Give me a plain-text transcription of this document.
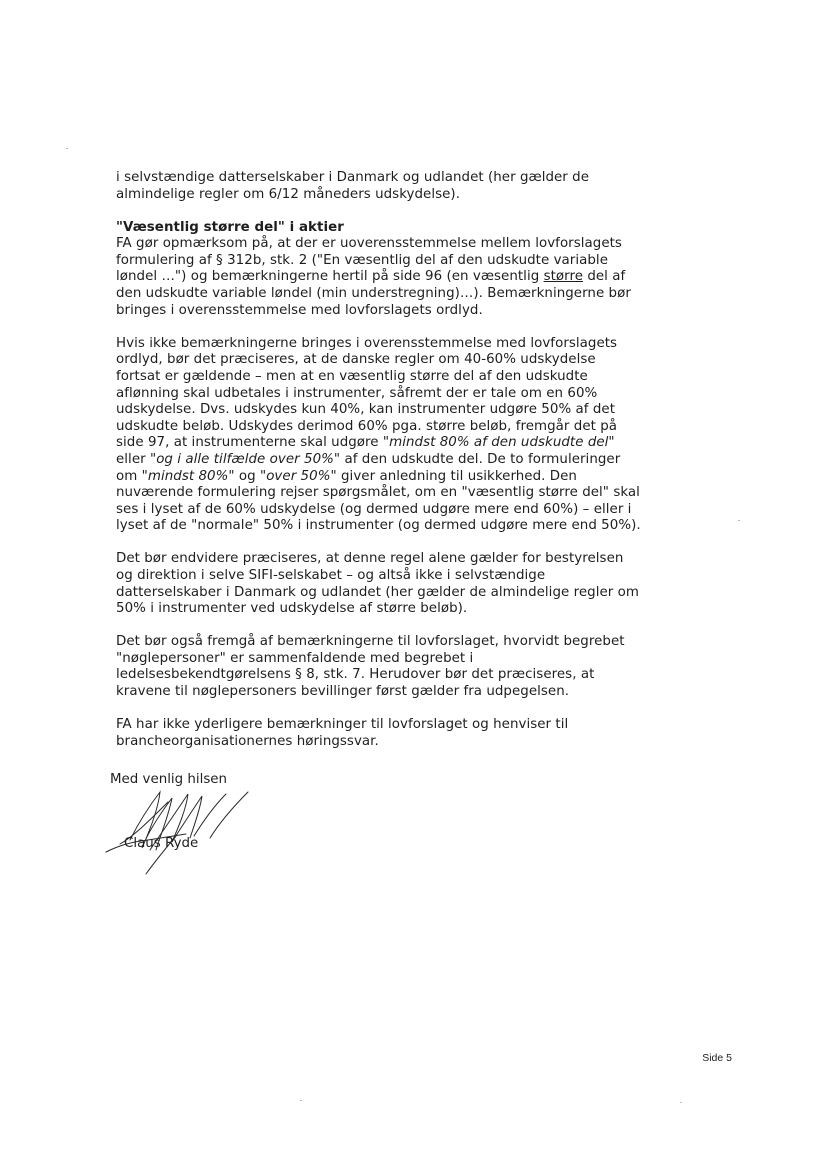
i selvstændige datterselskaber i Danmark og udlandet (her gælder de almindelige regler om 6/12 måneders udskydelse).

"Væsentlig større del" i aktier
FA gør opmærksom på, at der er uoverensstemmelse mellem lovforslagets formulering af § 312b, stk. 2 ("En væsentlig del af den udskudte variable løndel …") og bemærkningerne hertil på side 96 (en væsentlig større del af den udskudte variable løndel (min understregning)…). Bemærkningerne bør bringes i overensstemmelse med lovforslagets ordlyd.

Hvis ikke bemærkningerne bringes i overensstemmelse med lovforslagets ordlyd, bør det præciseres, at de danske regler om 40-60% udskydelse fortsat er gældende – men at en væsentlig større del af den udskudte aflønning skal udbetales i instrumenter, såfremt der er tale om en 60% udskydelse. Dvs. udskydes kun 40%, kan instrumenter udgøre 50% af det udskudte beløb. Udskydes derimod 60% pga. større beløb, fremgår det på side 97, at instrumenterne skal udgøre "mindst 80% af den udskudte del" eller "og i alle tilfælde over 50%" af den udskudte del. De to formuleringer om "mindst 80%" og "over 50%" giver anledning til usikkerhed. Den nuværende formulering rejser spørgsmålet, om en "væsentlig større del" skal ses i lyset af de 60% udskydelse (og dermed udgøre mere end 60%) – eller i lyset af de "normale" 50% i instrumenter (og dermed udgøre mere end 50%).

Det bør endvidere præciseres, at denne regel alene gælder for bestyrelsen og direktion i selve SIFI-selskabet – og altså ikke i selvstændige datterselskaber i Danmark og udlandet (her gælder de almindelige regler om 50% i instrumenter ved udskydelse af større beløb).

Det bør også fremgå af bemærkningerne til lovforslaget, hvorvidt begrebet "nøglepersoner" er sammenfaldende med begrebet i ledelsesbekendtgørelsens § 8, stk. 7. Herudover bør det præciseres, at kravene til nøglepersoners bevillinger først gælder fra udpegelsen.

FA har ikke yderligere bemærkninger til lovforslaget og henviser til brancheorganisationernes høringssvar.

Med venlig hilsen
Claus Ryde
Side 5
